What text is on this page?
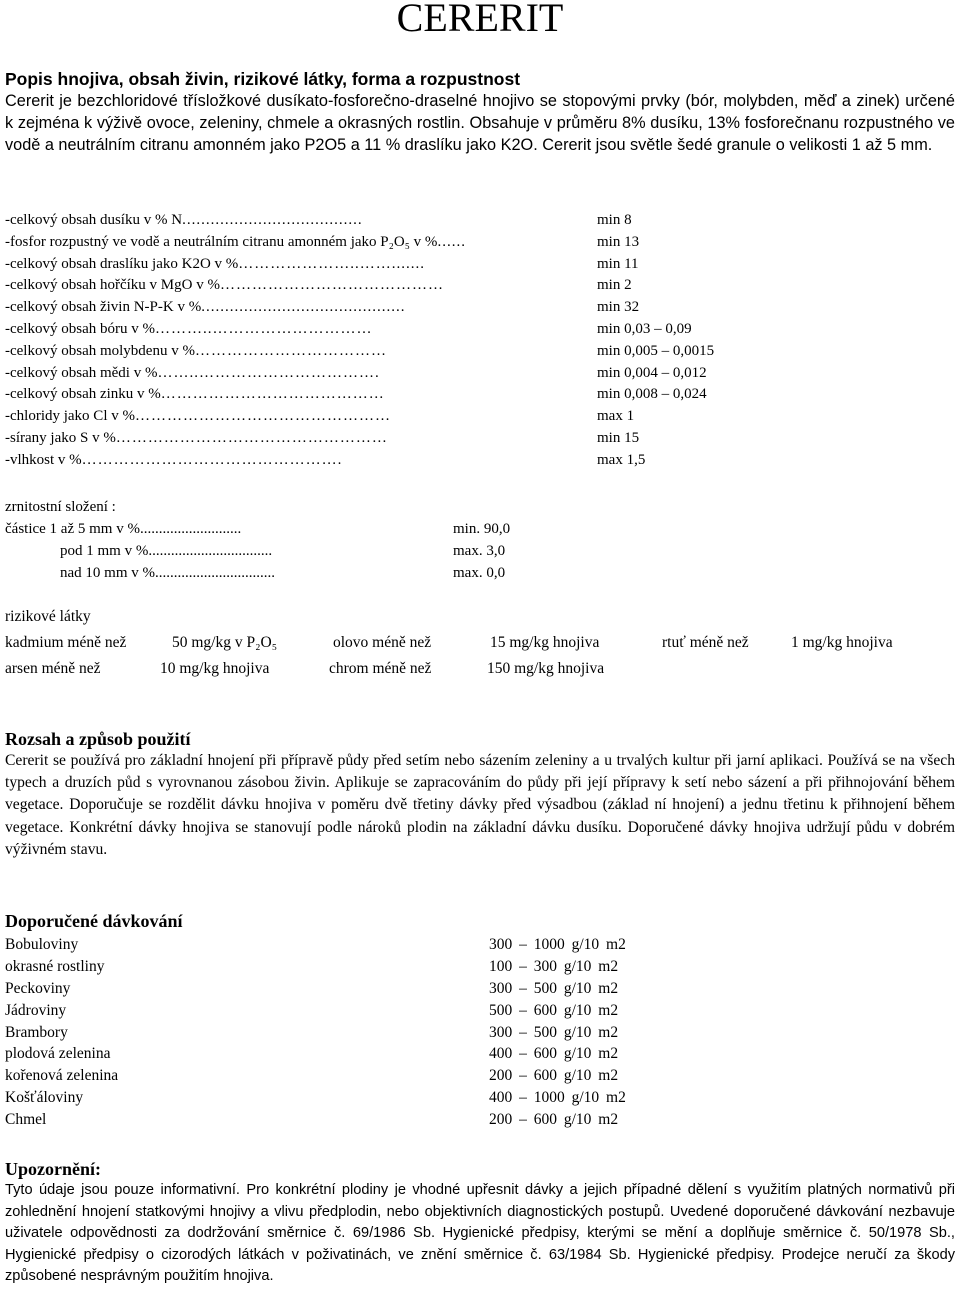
CERERIT

Popis hnojiva, obsah živin, rizikové látky, forma a rozpustnost

Cererit je bezchloridové třísložkové dusíkato-fosforečno-draselné hnojivo se stopovými prvky (bór, molybden, měď a zinek) určené k zejména k výživě ovoce, zeleniny, chmele a okrasných rostlin. Obsahuje v průměru 8% dusíku, 13% fosforečnanu rozpustného ve vodě a neutrálním citranu amonném jako P2O5 a 11 % draslíku jako K2O. Cererit jsou světle šedé granule o velikosti 1 až 5 mm.

-celkový obsah dusíku v % N......................................	min 8
-fosfor rozpustný ve vodě a neutrálním citranu amonném jako P₂O₅ v %......	min 13
-celkový obsah draslíku jako K2O v %…………………..…….......	min 11
-celkový obsah hořčíku v MgO v %……………………………………	min 2
-celkový obsah živin N-P-K v %...........................................	min 32
-celkový obsah bóru v %………..…………………………	min 0,03 – 0,09
-celkový obsah molybdenu v %………………………………	min 0,005 – 0,0015
-celkový obsah mědi v %……..…………………………….	min 0,004 – 0,012
-celkový obsah zinku v %……………………………………	min 0,008 – 0,024
-chloridy jako Cl v %…………………………………………	max 1
-sírany jako S v %……………………………………………	min 15
-vlhkost v %………………………………………….	max 1,5
zrnitostní složení :
částice 1 až 5 mm v %...........................	min. 90,0
pod 1 mm v %.................................	max. 3,0
nad 10 mm v %................................	max. 0,0
rizikové látky
kadmium méně než	50 mg/kg v P₂O₅	olovo méně než	15 mg/kg hnojiva	rtuť méně než	1 mg/kg hnojiva
arsen méně než	10 mg/kg hnojiva	chrom méně než	150 mg/kg hnojiva

Rozsah a způsob použití

Cererit se používá pro základní hnojení při přípravě půdy před setím nebo sázením zeleniny a u trvalých kultur při jarní aplikaci. Používá se na všech typech a druzích půd s vyrovnanou zásobou živin. Aplikuje se zapracováním do půdy při její přípravy k setí nebo sázení a při přihnojování během vegetace. Doporučuje se rozdělit dávku hnojiva v poměru dvě třetiny dávky před výsadbou (základ ní hnojení) a jednu třetinu k přihnojení během vegetace. Konkrétní dávky hnojiva se stanovují podle nároků plodin na základní dávku dusíku. Doporučené dávky hnojiva udržují půdu v dobrém výživném stavu.

Doporučené dávkování

Bobuloviny	300 – 1000 g/10 m2
okrasné rostliny	100 – 300 g/10 m2
Peckoviny	300 – 500 g/10 m2
Jádroviny	500 – 600 g/10 m2
Brambory	300 – 500 g/10 m2
plodová zelenina	400 – 600 g/10 m2
kořenová zelenina	200 – 600 g/10 m2
Košťáloviny	400 – 1000 g/10 m2
Chmel	200 – 600 g/10 m2

Upozornění:

Tyto údaje jsou pouze informativní. Pro konkrétní plodiny je vhodné upřesnit dávky a jejich případné dělení s využitím platných normativů při zohlednění hnojení statkovými hnojivy a vlivu předplodin, nebo objektivních diagnostických postupů. Uvedené doporučené dávkování nezbavuje uživatele odpovědnosti za dodržování směrnice č. 69/1986 Sb. Hygienické předpisy, kterými se mění a doplňuje směrnice č. 50/1978 Sb., Hygienické předpisy o cizorodých látkách v poživatinách, ve znění směrnice č. 63/1984 Sb. Hygienické předpisy. Prodejce neručí za škody způsobené nesprávným použitím hnojiva.
